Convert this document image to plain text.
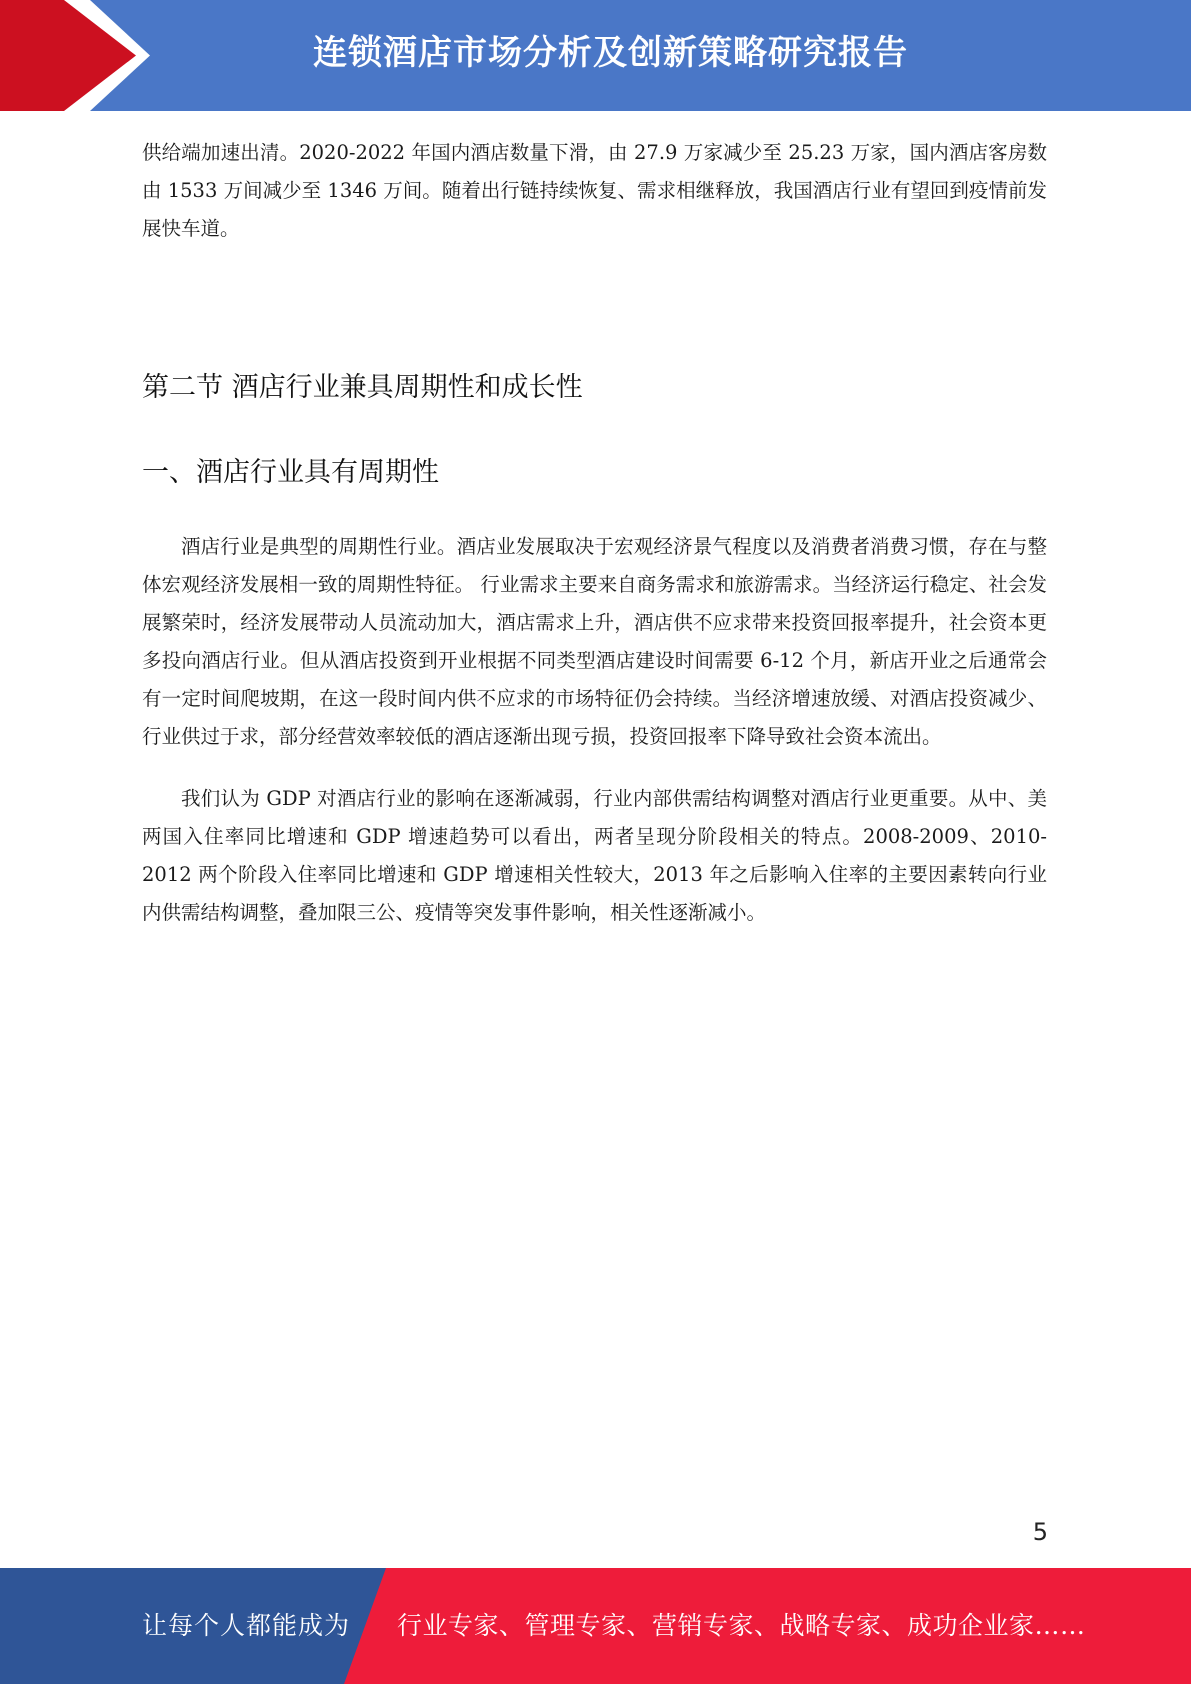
连锁酒店市场分析及创新策略研究报告

供给端加速出清。2020-2022 年国内酒店数量下滑，由 27.9 万家减少至 25.23 万家，国内酒店客房数由 1533 万间减少至 1346 万间。随着出行链持续恢复、需求相继释放，我国酒店行业有望回到疫情前发展快车道。

第二节 酒店行业兼具周期性和成长性
一、酒店行业具有周期性

酒店行业是典型的周期性行业。酒店业发展取决于宏观经济景气程度以及消费者消费习惯，存在与整体宏观经济发展相一致的周期性特征。 行业需求主要来自商务需求和旅游需求。当经济运行稳定、社会发展繁荣时，经济发展带动人员流动加大，酒店需求上升，酒店供不应求带来投资回报率提升，社会资本更多投向酒店行业。但从酒店投资到开业根据不同类型酒店建设时间需要 6-12 个月，新店开业之后通常会有一定时间爬坡期，在这一段时间内供不应求的市场特征仍会持续。当经济增速放缓、对酒店投资减少、行业供过于求，部分经营效率较低的酒店逐渐出现亏损，投资回报率下降导致社会资本流出。

我们认为 GDP 对酒店行业的影响在逐渐减弱，行业内部供需结构调整对酒店行业更重要。从中、美两国入住率同比增速和 GDP 增速趋势可以看出，两者呈现分阶段相关的特点。2008-2009、2010-2012 两个阶段入住率同比增速和 GDP 增速相关性较大，2013 年之后影响入住率的主要因素转向行业内供需结构调整，叠加限三公、疫情等突发事件影响，相关性逐渐减小。

5
让每个人都能成为 行业专家、管理专家、营销专家、战略专家、成功企业家……
